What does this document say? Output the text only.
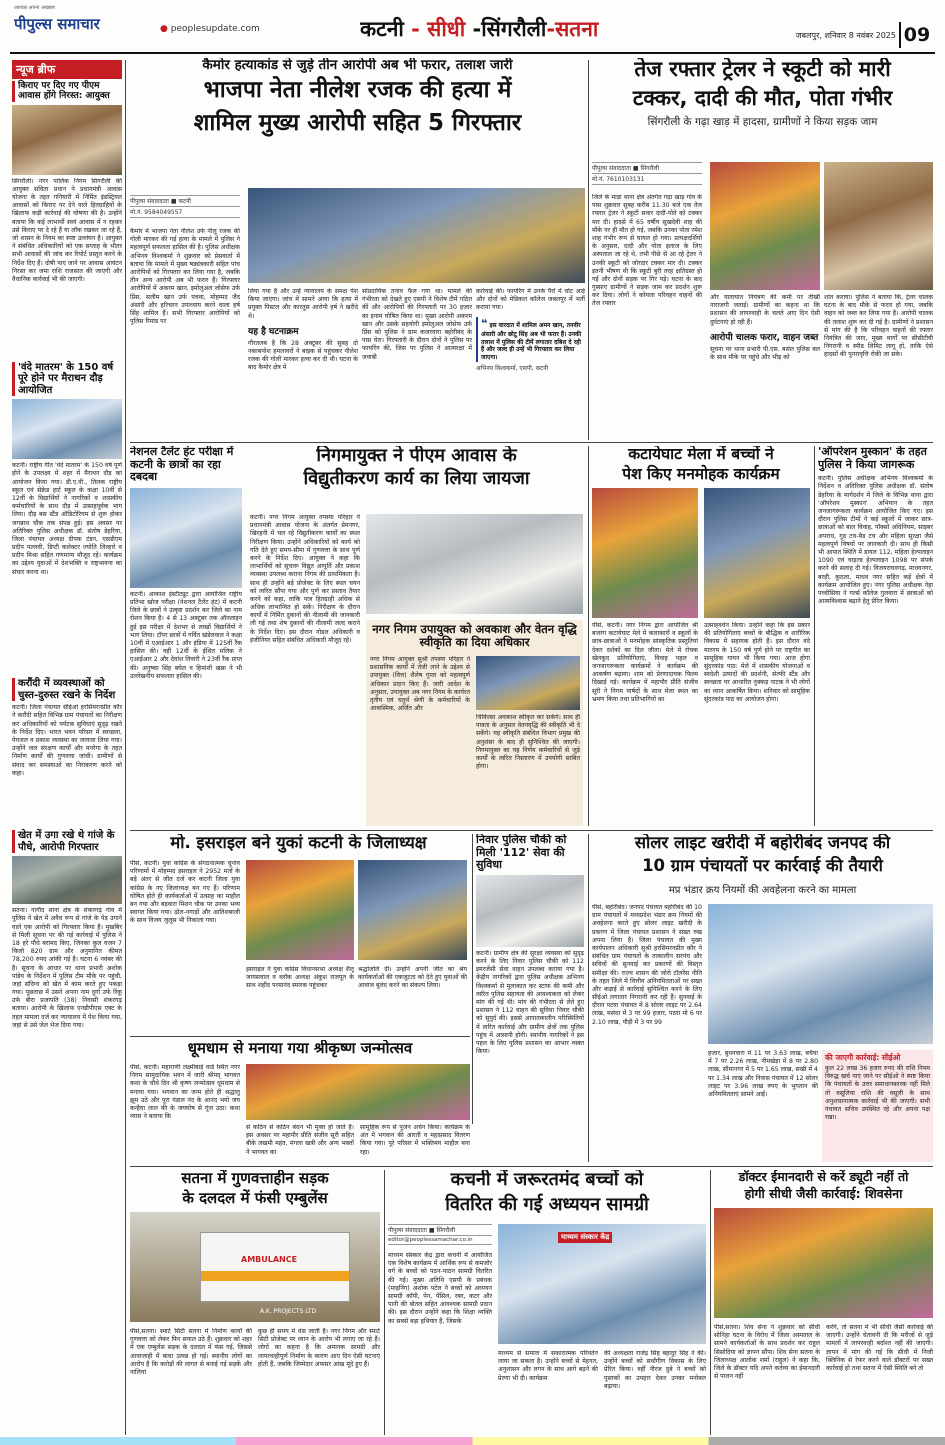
पीपुल्स समाचार
आपका अपना अखबार
● peoplesupdate.com	कटनी - सीधी -सिंगरौली-सतना	जबलपुर, शनिवार 8 नवंबर 2025 09
न्यूज ब्रीफ
किराए पर दिए गए पीएम आवास होंगे निरस्त: आयुक्त
सिंगरौली। नगर पालिक निगम सिंगरौली की आयुक्त सविता प्रधान ने प्रधानमंत्री आवास योजना के तहत गनियारी में निर्मित इंडस्ट्रियल आवासों को किराए पर देने वाले हितग्राहियों के खिलाफ कड़ी कार्रवाई की घोषणा की है। उन्होंने बताया कि कई लाभार्थी स्वयं आवास में न रहकर उसे किराए पर दे रहे हैं या लॉक रखकर जा रहे हैं, जो शासन के नियम का स्पष्ट उल्लंघन है। आयुक्त ने संबंधित अधिकारियों को एक सप्ताह के भीतर सभी आवासों की जांच कर रिपोर्ट प्रस्तुत करने के निर्देश दिए हैं। दोषी पाए जाने पर आवास आवंटन निरस्त कर जमा राशि राजसात की जाएगी और वैधानिक कार्रवाई भी की जाएगी।
'वंदे मातरम' के 150 वर्ष पूरे होने पर मैराथन दौड़ आयोजित
कटनी। राष्ट्रीय गीत 'वंदे मातरम' के 150 वर्ष पूर्ण होने के उपलक्ष्य में शहर में मैराथन दौड़ का आयोजन किया गया। डी.ए.वी., तिलक राष्ट्रीय स्कूल एवं सेक्रेड हार्ट स्कूल के कक्षा 10वीं से 12वीं के विद्यार्थियों ने नागरिकों व शासकीय कर्मचारियों के साथ दौड़ में उत्साहपूर्वक भाग लिया। दौड़ बस स्टैंड ऑडिटोरियम से शुरू होकर जगन्नाथ चौक तक संपन्न हुई। इस अवसर पर अतिरिक्त पुलिस अधीक्षक डॉ. संतोष डेहरिया, जिला पंचायत अध्यक्ष दीपक टंडन, एसडीएम प्रदीप पल्लवी, डिप्टी कलेक्टर ज्योति लिल्हारे व प्रदीप मिश्रा सहित गणमान्य मौजूद रहे। कार्यक्रम का उद्देश्य युवाओं में देशभक्ति व राष्ट्रभावना का संचार करना था।
करौंदी में व्यवस्थाओं को चुस्त-दुरुस्त रखने के निर्देश
कटनी। जिला पंचायत सीईओ हरसिमरनप्रीत कौर ने करौंदी सहित विभिन्न ग्राम पंचायतों का निरीक्षण कर अधिकारियों को पर्यटक सुविधाएं सुदृढ़ रखने के निर्देश दिए। भारत भवन परिसर में स्वच्छता, पेयजल व प्रकाश व्यवस्था का जायजा लिया गया। उन्होंने जल संरक्षण कार्यों और मनरेगा के तहत निर्माण कार्यों की गुणवत्ता जांची। ग्रामीणों से संवाद कर समस्याओं का निराकरण करने को कहा।
खेत में उगा रखे थे गांजे के पौधे, आरोपी गिरफ्तार
सतना। नागौद थाना क्षेत्र के शंकरगढ़ गांव में पुलिस ने खेत में अवैध रूप से गांजे के पेड़ उगाने वाले एक आरोपी को गिरफ्तार किया है। मुखबिर से मिली सूचना पर की गई कार्रवाई में पुलिस ने 18 हरे पौधे बरामद किए, जिनका कुल वजन 7 किलो 820 ग्राम और अनुमानित कीमत 78,200 रुपए आंकी गई है। घटना 6 नवंबर की है। सूचना के आधार पर थाना प्रभारी अशोक पांडेय के निर्देशन में पुलिस टीम मौके पर पहुंची, जहां संदिग्ध को खेत में काम करते हुए पकड़ा गया। पूछताछ में उसने अपना नाम दुर्गा उर्फ रिंकू उर्फ बीरा प्रजापति (38) निवासी शंकरगढ़ बताया। आरोपी के खिलाफ एनडीपीएस एक्ट के तहत मामला दर्ज कर न्यायालय में पेश किया गया, जहां से उसे जेल भेज दिया गया।
कैमोर हत्याकांड से जुड़े तीन आरोपी अब भी फरार, तलाश जारी
भाजपा नेता नीलेश रजक की हत्या में
शामिल मुख्य आरोपी सहित 5 गिरफ्तार
पीपुल्स संवाददाता ■ कटनी
मो.नं. 9584049557
कैमोर में भाजपा नेता नीलेश उर्फ नीलू रजक की गोली मारकर की गई हत्या के मामले में पुलिस ने महत्वपूर्ण सफलता हासिल की है। पुलिस अधीक्षक अभिनय विश्वकर्मा ने शुक्रवार को प्रेसवार्ता में बताया कि मामले में मुख्य षड्यंत्रकारी सहित पांच आरोपियों को गिरफ्तार कर लिया गया है, जबकि तीन अन्य आरोपी अब भी फरार हैं। गिरफ्तार आरोपियों में अकरम खान, इमोलुअल जोसेफ उर्फ प्रिंस, सलीम खान उर्फ पचवा, मोहम्मद जैद अंसारी और हरिचरन उपाध्याय करने वाला हर्ष सिंह शामिल हैं। सभी गिरफ्तार आरोपियों को पुलिस रिमांड पर
लिया गया है और उन्हें न्यायालय के समक्ष पेश किया जाएगा। जांच में सामने आया कि हत्या में प्रयुक्त पिस्टल और कारतूस आरोपी हर्ष ने खरीदे थे।
यह है घटनाक्रम
गौरतलब है कि 28 अक्टूबर की सुबह दो नकाबपोश हमलावरों ने बाइक से पहुंचकर नीलेश रजक की गोली मारकर हत्या कर दी थी। घटना के बाद कैमोर क्षेत्र में
सांप्रदायिक तनाव फैल गया था। मामले की गंभीरता को देखते हुए एसपी ने विशेष टीमें गठित कीं और आरोपियों की गिरफ्तारी पर 30 हजार का इनाम घोषित किया था। मुख्य आरोपी अकरम खान और उसके सहयोगी इमोलुअल जोसेफ उर्फ प्रिंस को पुलिस ने ग्राम कजरवारा बहोरीबंद के पास घेरा। गिरफ्तारी के दौरान दोनों ने पुलिस पर फायरिंग की, जिस पर पुलिस ने आत्मरक्षा में जवाबी
कार्रवाई की। फायरिंग में उनके पैरों में चोट आई और दोनों को मेडिकल कॉलेज जबलपुर में भर्ती कराया गया।
❝ इस वारदात में शामिल अमन खान, तनवीर अंसारी और छोटू सिंह अब भी फरार हैं। उनकी तलाश में पुलिस की टीमें लगातार दबिश दे रही हैं और जल्द ही उन्हें भी गिरफ्तार कर लिया जाएगा।
अभिनय विश्वकर्मा, एसपी, कटनी
तेज रफ्तार ट्रेलर ने स्कूटी को मारी
टक्कर, दादी की मौत, पोता गंभीर
सिंगरौली के गढ़ा खाड़ में हादसा, ग्रामीणों ने किया सड़क जाम
पीपुल्स संवाददाता ■ सिंगरौली
मो.नं. 7610103131
जिले के माड़ा थाना क्षेत्र अंतर्गत गढ़ा खाड़ गांव के पास शुक्रवार सुबह करीब 11.30 बजे एक तेज रफ्तार ट्रेलर ने स्कूटी सवार दादी-पोते को टक्कर मार दी। हादसे में 65 वर्षीय सुखदेवी शाह की मौके पर ही मौत हो गई, जबकि उनका पोता रमेश शाह गंभीर रूप से घायल हो गया। प्रत्यक्षदर्शियों के अनुसार, दादी और पोता इलाज के लिए अस्पताल जा रहे थे, तभी पीछे से आ रहे ट्रेलर ने उनकी स्कूटी को जोरदार टक्कर मार दी। टक्कर इतनी भीषण थी कि स्कूटी बुरी तरह क्षतिग्रस्त हो गई और दोनों सड़क पर गिर पड़े। घटना के बाद गुस्साए ग्रामीणों ने सड़क जाम कर प्रदर्शन शुरू कर दिया। लोगों ने कोयला परिवहन वाहनों की तेज रफ्तार
और यातायात नियंत्रण की कमी पर तीखी नाराजगी जताई। ग्रामीणों का कहना था कि प्रशासन की लापरवाही के चलते आए दिन ऐसी दुर्घटनाएं हो रही हैं।
आरोपी चालक फरार, वाहन जब्त
सूचना पर थाना प्रभारी पी.एस. बसंल पुलिस बल के साथ मौके पर पहुंचे और भीड़ को
शांत कराया। पुलिस ने बताया कि, ट्रेलर चालक घटना के बाद मौके से फरार हो गया, जबकि वाहन को जब्त कर लिया गया है। आरोपी चालक की तलाश शुरू कर दी गई है। ग्रामीणों ने प्रशासन से मांग की है कि परिवहन वाहनों की रफ्तार नियंत्रित की जाए, मुख्य मार्गों पर सीसीटीवी निगरानी व स्पीड लिमिट लागू हो, ताकि ऐसे हादसों की पुनरावृत्ति रोकी जा सके।
नेशनल टैलेंट हंट परीक्षा में कटनी के छात्रों का रहा दबदबा
कटनी। आकाश इंस्टीट्यूट द्वारा आयोजित राष्ट्रीय प्रतिभा खोज परीक्षा (नेशनल टैलेंट हंट) में कटनी जिले के छात्रों ने उत्कृष्ट प्रदर्शन कर जिले का नाम रोशन किया है। 4 से 13 अक्टूबर तक ऑनलाइन हुई इस परीक्षा में देशभर से लाखों विद्यार्थियों ने भाग लिया। टॉपर छात्रों में गर्वित खंडेलवाल ने कक्षा 10वीं में एआईआर 1 और इंडिया में 125वीं रैंक हासिल की। वहीं 12वीं के ईशित मलिक ने एआईआर 2 और देवांश तिवारी ने 23वीं रैंक प्राप्त की। अनुष्का सिंह बघेल व हिमांशी खन्ना ने भी उल्लेखनीय सफलता हासिल की।
निगमायुक्त ने पीएम आवास के
विद्युतीकरण कार्य का लिया जायजा
कटनी। नगर निगम आयुक्त तपस्या परिहार ने प्रधानमंत्री आवास योजना के अंतर्गत प्रेमनगर, खिरहनी में चल रहे विद्युतीकरण कार्यों का स्थल निरीक्षण किया। उन्होंने अधिकारियों को कार्य को गति देते हुए समय-सीमा में गुणवत्ता के साथ पूर्ण करने के निर्देश दिए। आयुक्त ने कहा कि लाभार्थियों को सुचारू विद्युत आपूर्ति और प्रकाश व्यवस्था उपलब्ध कराना निगम की प्राथमिकता है। साथ ही उन्होंने बड़े प्रोजेक्ट के लिए स्थल चयन को त्वरित सौंपा गया और पूर्ण कर प्रस्ताव तैयार करने को कहा, ताकि पात्र हितग्राही अधिक से अधिक लाभान्वित हो सकें। निरीक्षण के दौरान कार्यों में निर्मित दुकानों की नीलामी की जानकारी ली गई तथा शेष दुकानों की नीलामी जल्द कराने के निर्देश दिए। इस दौरान नोडल अधिकारी व इंजीनियर सहित संबंधित अधिकारी मौजूद रहे।
नगर निगम उपायुक्त को अवकाश और वेतन वृद्धि स्वीकृति का दिया अधिकार
नगर निगम आयुक्त सुश्री तपस्या परिहार ने प्रशासनिक कार्यों में तेजी लाने के उद्देश्य से उपायुक्त (वित्त) शैलेष गुप्ता को महत्वपूर्ण अधिकार प्रदान किए हैं। जारी आदेश के अनुसार, उपायुक्त अब नगर निगम के कार्यरत तृतीय एवं चतुर्थ श्रेणी के कर्मचारियों के आकस्मिक, अर्जित और
चिकित्सा अवकाश स्वीकृत कर सकेंगे। साथ ही पात्रता के अनुसार वेतनवृद्धि की स्वीकृति भी दे सकेंगे। यह स्वीकृति संबंधित विभाग प्रमुख की अनुशंसा के बाद ही सुनिश्चित की जाएगी। निगमायुक्त का यह निर्णय कर्मचारियों से जुड़े कार्यों के त्वरित निस्तारण में उपयोगी साबित होगा।
कटायेघाट मेला में बच्चों ने
पेश किए मनमोहक कार्यक्रम
पीसं, कटनी। नगर निगम द्वारा आयोजित श्री बजरंग कटायेघाट मेले में कलाकारों व स्कूलों के छात्र-छात्राओं ने मनमोहक सांस्कृतिक प्रस्तुतियां देकर दर्शकों का दिल जीता। मेले में रोचक खेलकूद प्रतियोगिताएं, विवाह पहल व जनजागरूकता कार्यक्रमों ने कार्यक्रम की आकर्षण बढ़ाया। शाम को प्रेरणादायक फिल्म दिखाई गई। कार्यक्रम में महापौर प्रीति संजीव सूरी ने निगम पार्षदों के साथ मेला स्थल का भ्रमण किया तथा प्रतिभागियों का
उत्साहवर्धन किया। उन्होंने कहा कि इस प्रकार की प्रतियोगिताएं बच्चों के बौद्धिक व शारीरिक विकास में सहायक होती हैं। इस दौरान वंदे मातरम के 150 वर्ष पूर्ण होने पर राष्ट्रगीत का सामूहिक गायन भी किया गया। आज होगा सुंदरकांड पाठ: मेले में शासकीय योजनाओं व स्वदेशी उत्पादों की प्रदर्शनी, सेल्फी स्टैंड और स्वच्छता पर आधारित नुक्कड़ नाटक ने भी लोगों का ध्यान आकर्षित किया। शनिवार को सामूहिक सुंदरकांड पाठ का आयोजन होगा।
'ऑपरेशन मुस्कान' के तहत पुलिस ने किया जागरूक
कटनी। पुलिस अधीक्षक अभिनय विश्वकर्मा के निर्देशन व अतिरिक्त पुलिस अधीक्षक डॉ. संतोष डेहरिया के मार्गदर्शन में जिले के विभिन्न थाना द्वारा 'ऑपरेशन मुस्कान' अभियान के तहत जनजागरूकता कार्यक्रम आयोजित किए गए। इस दौरान पुलिस टीमों ने कई स्कूलों में जाकर छात्र-छात्राओं को बाल विवाह, पॉक्सो अधिनियम, साइबर अपराध, गुड टच-बैड टच और महिला सुरक्षा जैसे महत्वपूर्ण विषयों पर जानकारी दी। साथ ही किसी भी आपात स्थिति में डायल 112, महिला हेल्पलाइन 1090 एवं चाइल्ड हेल्पलाइन 1098 पर संपर्क करने की सलाह दी गई। विजयराघवगढ़, माधवनगर, बरही, कुठला, माधव नगर सहित कई क्षेत्रों में कार्यक्रम आयोजित हुए। नगर पुलिस अधीक्षक नेहा पच्चीसिया ने गर्ल्स कॉलेज गुलवारा में छात्राओं को आत्मविश्वास बढ़ाने हेतु प्रेरित किया।
मो. इसराइल बने युकां कटनी के जिलाध्यक्ष
पीसं, कटनी। युवा कांग्रेस के संगठनात्मक चुनाव परिणामों में मोहम्मद इसराइल ने 2952 मतों के बड़े अंतर से जीत दर्ज कर कटनी जिला युवा कांग्रेस के नए जिलाध्यक्ष बन गए हैं। परिणाम घोषित होते ही कार्यकर्ताओं में उत्साह का माहौल बन गया और बड़वारा मिशन चौक पर उनका भव्य स्वागत किया गया। ढोल-नगाड़ों और आतिशबाजी के साथ विजय जुलूस भी निकाला गया।
इसराइल ने युवा कांग्रेस विधानसभा अध्यक्ष शैलू जायसवाल व ब्लॉक अध्यक्ष अंकुश राजपूत के साथ शहीद परमानंद स्मारक पहुंचकर
श्रद्धांजलि दी। उन्होंने अपनी जीत का श्रेय कार्यकर्ताओं की एकजुटता को देते हुए युवाओं की आवाज बुलंद करने का संकल्प लिया।
निवार पुलिस चौकी को मिली '112' सेवा की सुविधा
कटनी। ग्रामीण क्षेत्र की सुरक्षा व्यवस्था को सुदृढ़ करने के लिए निवार पुलिस चौकी को 112 इमरजेंसी सेवा वाहन उपलब्ध कराया गया है। केंद्रीय नागरिकों द्वारा पुलिस अधीक्षक अभिनय विश्वकर्मा से मुलाकात कर स्टाफ की कमी और त्वरित पुलिस सहायता की आवश्यकता को लेकर मांग की गई थी। मांग की गंभीरता से लेते हुए प्रशासन ने 112 वाहन की सुविधा निवार चौकी को सुपुर्द की। इससे आपातकालीन परिस्थितियों में त्वरित कार्रवाई और ग्रामीण क्षेत्रों तक पुलिस पहुंच में आसानी होगी। स्थानीय नागरिकों ने इस पहल के लिए पुलिस प्रशासन का आभार व्यक्त किया।
सोलर लाइट खरीदी में बहोरीबंद जनपद की
10 ग्राम पंचायतों पर कार्रवाई की तैयारी
मप्र भंडार क्रय नियमों की अवहेलना करने का मामला
पीसं, बहोरीबंद। जनपद पंचायत बहोरीबंद की 10 ग्राम पंचायतों में मध्यप्रदेश भंडार क्रय नियमों की अवहेलना करते हुए सोलर लाइट खरीदी के प्रकरण में जिला पंचायत प्रशासन ने सख्त रुख अपना लिया है। जिला पंचायत की मुख्य कार्यपालन अधिकारी सुश्री हरसिमरनप्रीत कौर ने संबंधित ग्राम पंचायतों के तत्कालीन सरपंच और सचिवों की सुनवाई कर प्रकरणों की विस्तृत समीक्षा की। राज्य शासन की जोरो टॉलरेंस नीति के तहत जिले में वित्तीय अनियमितताओं पर सख्त और कड़ाई से कार्रवाई सुनिश्चित करने के लिए सीईओ लगातार निगरानी कर रही हैं। सुनवाई के दौरान पटवा पंचायत में 8 सोलर लाइट पर 2.64 लाख, मसंधा में 3 पर 99 हजार, पठरा मो 6 पर 2.10 लाख, पौड़ी में 3 पर 99
हजार, बुधनवारा में 11 पर 3.63 लाख, बचैया में 7 पर 2.26 लाख, नीमखेड़ा में 8 पर 2.80 लाख, सीमानगर में 5 पर 1.65 लाख, सखी में 4 पर 1.34 लाख और निवास पंचायत में 12 सोलर लाइट पर 3.96 लाख रुपए के भुगतान की अनियमितताएं सामने आईं।
की जाएगी कार्रवाई: सीईओ
कुल 22 लाख 36 हजार रुपए की राशि नियम विरुद्ध खर्च पाए जाने पर सीईओ ने स्पष्ट किया कि पंचायतों के उत्तर समाधानकारक नहीं मिले तो वसूलिया राशि की वसूली के साथ अनुशासनात्मक कार्रवाई भी की जाएगी। सभी पंचायत सचिव उपस्थित रहे और अपना पक्ष रखा।
धूमधाम से मनाया गया श्रीकृष्ण जन्मोत्सव
पीसं, कटनी। महाराणी लक्ष्मीबाई वार्ड स्थित नगर निगम सामुदायिक भवन में जारी श्रीमद् भागवत कथा के चौथे दिन श्री कृष्ण जन्मोत्सव धूमधाम से मनाया गया। भगवान का जन्म होते ही श्रद्धालु झूम उठे और पूरा पंडाल नंद के आनंद भयो जय कन्हैया लाल की के जयघोष से गूंज उठा। कथा व्यास ने बताया कि
से कठिन से कठिन बंधन भी मुक्त हो जाते हैं। इस अवसर पर महापौर प्रीति संजीव सूरी सहित बीके लखमी महंत, मंगला खत्री और अन्य भक्तों ने भागवत का
सामूहिक रूप से पूजन अर्चन किया। कार्यक्रम के अंत में भगवान की आरती व महाप्रसाद वितरण किया गया। पूरे परिसर में भक्तिमय माहौल बना रहा।
सतना में गुणवत्ताहीन सड़क
के दलदल में फंसी एम्बुलेंस
AMBULANCE
A.K. PROJECTS LTD
पीसं,सतना। स्मार्ट सिटी सतना में निर्माण कार्यों की गुणवत्ता को लेकर फिर सवाल उठे हैं। शुक्रवार को शहर में एक एम्बुलेंस सड़क के दलदल में फंस गई, जिससे आवाजाही में बाधा उत्पन्न हो गई। स्थानीय लोगों का आरोप है कि करोड़ों की लागत से बनाई गई सड़कें और नालियां
कुछ ही समय में धंस जाती हैं। नगर निगम और स्मार्ट सिटी प्रोजेक्ट पर ध्यान के आरोप भी लगाए जा रहे हैं। लोगों का कहना है कि अमानक सामग्री और लापरवाहीपूर्ण निर्माण के कारण आए दिन ऐसी घटनाएं होती हैं, जबकि जिम्मेदार अफसर आंख मूंदे हुए हैं।
कचनी में जरूरतमंद बच्चों को
वितरित की गई अध्ययन सामग्री
पीपुल्स संवाददाता ■ सिंगरौली
editor@peoplessamachar.co.in
माध्यम संस्कार केंद्र द्वारा कचनी में आयोजित एक विशेष कार्यक्रम में आर्थिक रूप से कमजोर वर्ग के बच्चों को पठन-पाठन सामग्री वितरित की गई। मुख्य अतिथि एसपी के प्रबंधक (माइनिंग) अशोक पटेल ने बच्चों को अध्ययन सामग्री कॉपी, पेन, पेंसिल, रबर, कटर और पानी की बोतल सहित आवश्यक सामग्री प्रदान की। इस दौरान उन्होंने कहा कि शिक्षा व्यक्ति का सबसे बड़ा हथियार है, जिसके
माध्यम संस्कार केंद्र
माध्यम से समाज में सकारात्मक परिवर्तन लाया जा सकता है। उन्होंने बच्चों से मेहनत, अनुशासन और लगन के साथ आगे बढ़ने की प्रेरणा भी दी। कार्यक्रम
की अध्यक्षता राजेंद्र सिंह बहादुर सिंह ने की। उन्होंने बच्चों को सर्वांगीण विकास के लिए प्रेरित किया। वहीं नीरज दुबे ने बच्चों को पुस्तकों का उपहार देकर उनका मनोबल बढ़ाया।
डॉक्टर ईमानदारी से करें ड्यूटी नहीं तो
होगी सीधी जैसी कार्रवाई: शिवसेना
पीसं,सतना। शिव सेना ने शुक्रवार को सीधी सोनिहा घटना के विरोध में जिला अस्पताल के सामने कार्यकर्ताओं के साथ प्रदर्शन कर राहुल सिसोदिया को ज्ञापन सौंपा। शिव सेना सतना के जिलाध्यक्ष आलोक शर्मा (राहुल) ने कहा कि, जिले के डॉक्टर यदि अपने कर्तव्य का ईमानदारी से पालन नहीं
करेंगे, तो सतना में भी सीधी जैसी कार्रवाई की जाएगी। उन्होंने चेतावनी दी कि मरीजों से जुड़े मामलों में लापरवाही बर्दाश्त नहीं की जाएगी। ज्ञापन में मांग की गई कि सीधी में निजी क्लिनिक से रेफर करने वाले डॉक्टरों पर सख्त कार्रवाई हो तथा सतना में ऐसी स्थिति बने तो
